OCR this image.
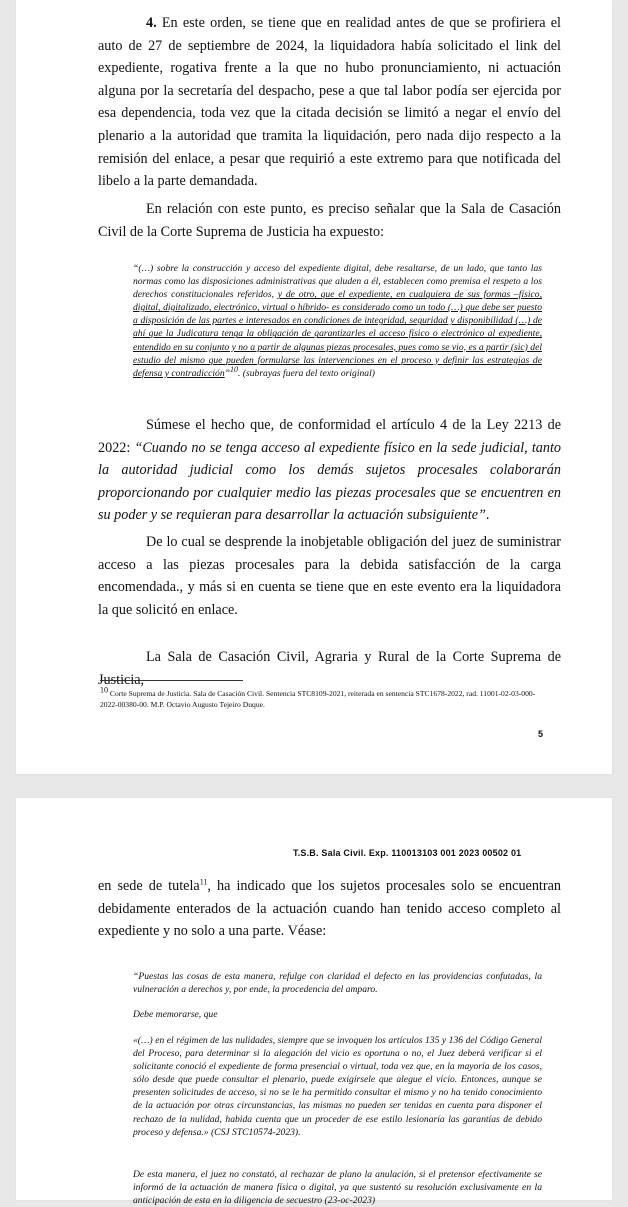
4. En este orden, se tiene que en realidad antes de que se profiriera el auto de 27 de septiembre de 2024, la liquidadora había solicitado el link del expediente, rogativa frente a la que no hubo pronunciamiento, ni actuación alguna por la secretaría del despacho, pese a que tal labor podía ser ejercida por esa dependencia, toda vez que la citada decisión se limitó a negar el envío del plenario a la autoridad que tramita la liquidación, pero nada dijo respecto a la remisión del enlace, a pesar que requirió a este extremo para que notificada del libelo a la parte demandada.

En relación con este punto, es preciso señalar que la Sala de Casación Civil de la Corte Suprema de Justicia ha expuesto:

“(…) sobre la construcción y acceso del expediente digital, debe resaltarse, de un lado, que tanto las normas como las disposiciones administrativas que aluden a él, establecen como premisa el respeto a los derechos constitucionales referidos, y de otro, que el expediente, en cualquiera de sus formas –físico, digital, digitalizado, electrónico, virtual o híbrido- es considerado como un todo (…) que debe ser puesto a disposición de las partes e interesados en condiciones de integridad, seguridad y disponibilidad (…) de ahí que la Judicatura tenga la obligación de garantizarles el acceso físico o electrónico al expediente, entendido en su conjunto y no a partir de algunas piezas procesales, pues como se vio, es a partir (sic) del estudio del mismo que pueden formularse las intervenciones en el proceso y definir las estrategias de defensa y contradicción”$^{10}$. (subrayas fuera del texto original)

Súmese el hecho que, de conformidad el artículo 4 de la Ley 2213 de 2022: “Cuando no se tenga acceso al expediente físico en la sede judicial, tanto la autoridad judicial como los demás sujetos procesales colaborarán proporcionando por cualquier medio las piezas procesales que se encuentren en su poder y se requieran para desarrollar la actuación subsiguiente”.

De lo cual se desprende la inobjetable obligación del juez de suministrar acceso a las piezas procesales para la debida satisfacción de la carga encomendada., y más si en cuenta se tiene que en este evento era la liquidadora la que solicitó en enlace.

La Sala de Casación Civil, Agraria y Rural de la Corte Suprema de Justicia,

$^{10}$ Corte Suprema de Justicia. Sala de Casación Civil. Sentencia STC8109-2021, reiterada en sentencia STC1678-2022, rad. 11001-02-03-000-2022-00380-00. M.P. Octavio Augusto Tejeiro Duque.

5
T.S.B. Sala Civil. Exp. 110013103 001 2023 00502 01

en sede de tutela$^{11}$, ha indicado que los sujetos procesales solo se encuentran debidamente enterados de la actuación cuando han tenido acceso completo al expediente y no solo a una parte. Véase:

“Puestas las cosas de esta manera, refulge con claridad el defecto en las providencias confutadas, la vulneración a derechos y, por ende, la procedencia del amparo.

Debe memorarse, que

«(…) en el régimen de las nulidades, siempre que se invoquen los artículos 135 y 136 del Código General del Proceso, para determinar si la alegación del vicio es oportuna o no, el Juez deberá verificar si el solicitante conoció el expediente de forma presencial o virtual, toda vez que, en la mayoría de los casos, sólo desde que puede consultar el plenario, puede exigírsele que alegue el vicio. Entonces, aunque se presenten solicitudes de acceso, si no se le ha permitido consultar el mismo y no ha tenido conocimiento de la actuación por otras circunstancias, las mismas no pueden ser tenidas en cuenta para disponer el rechazo de la nulidad, habida cuenta que un proceder de ese estilo lesionaría las garantías de debido proceso y defensa.» (CSJ STC10574-2023).

De esta manera, el juez no constató, al rechazar de plano la anulación, si el pretensor efectivamente se informó de la actuación de manera física o digital, ya que sustentó su resolución exclusivamente en la anticipación de esta en la diligencia de secuestro (23-oc-2023)
